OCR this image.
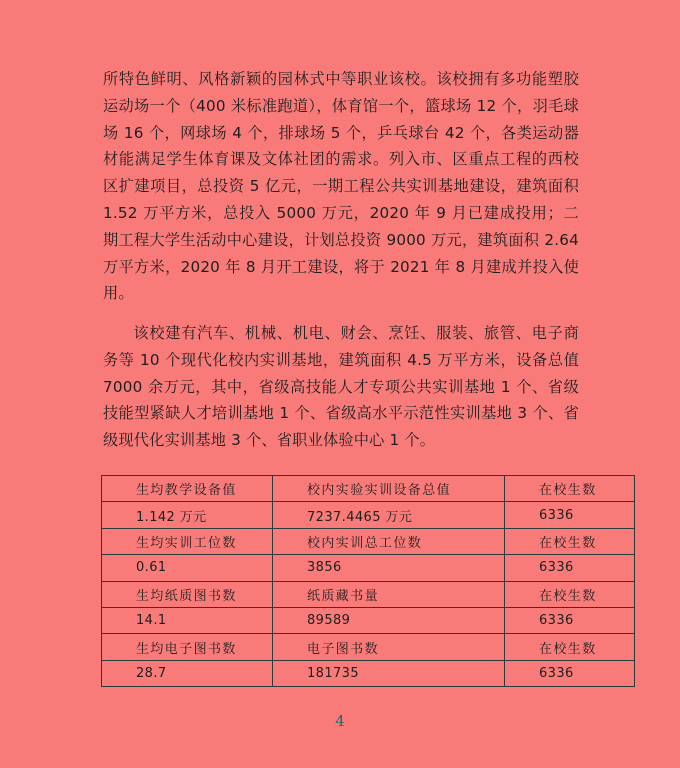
所特色鲜明、风格新颖的园林式中等职业该校。该校拥有多功能塑胶运动场一个（400 米标准跑道），体育馆一个，篮球场 12 个，羽毛球场 16 个，网球场 4 个，排球场 5 个，乒乓球台 42 个，各类运动器材能满足学生体育课及文体社团的需求。列入市、区重点工程的西校区扩建项目，总投资 5 亿元，一期工程公共实训基地建设，建筑面积 1.52 万平方米，总投入 5000 万元，2020 年 9 月已建成投用；二期工程大学生活动中心建设，计划总投资 9000 万元，建筑面积 2.64 万平方米，2020 年 8 月开工建设，将于 2021 年 8 月建成并投入使用。

该校建有汽车、机械、机电、财会、烹饪、服装、旅管、电子商务等 10 个现代化校内实训基地，建筑面积 4.5 万平方米，设备总值 7000 余万元，其中，省级高技能人才专项公共实训基地 1 个、省级技能型紧缺人才培训基地 1 个、省级高水平示范性实训基地 3 个、省级现代化实训基地 3 个、省职业体验中心 1 个。

生均教学设备值	校内实验实训设备总值	在校生数
1.142 万元	7237.4465 万元	6336
生均实训工位数	校内实训总工位数	在校生数
0.61	3856	6336
生均纸质图书数	纸质藏书量	在校生数
14.1	89589	6336
生均电子图书数	电子图书数	在校生数
28.7	181735	6336
4
